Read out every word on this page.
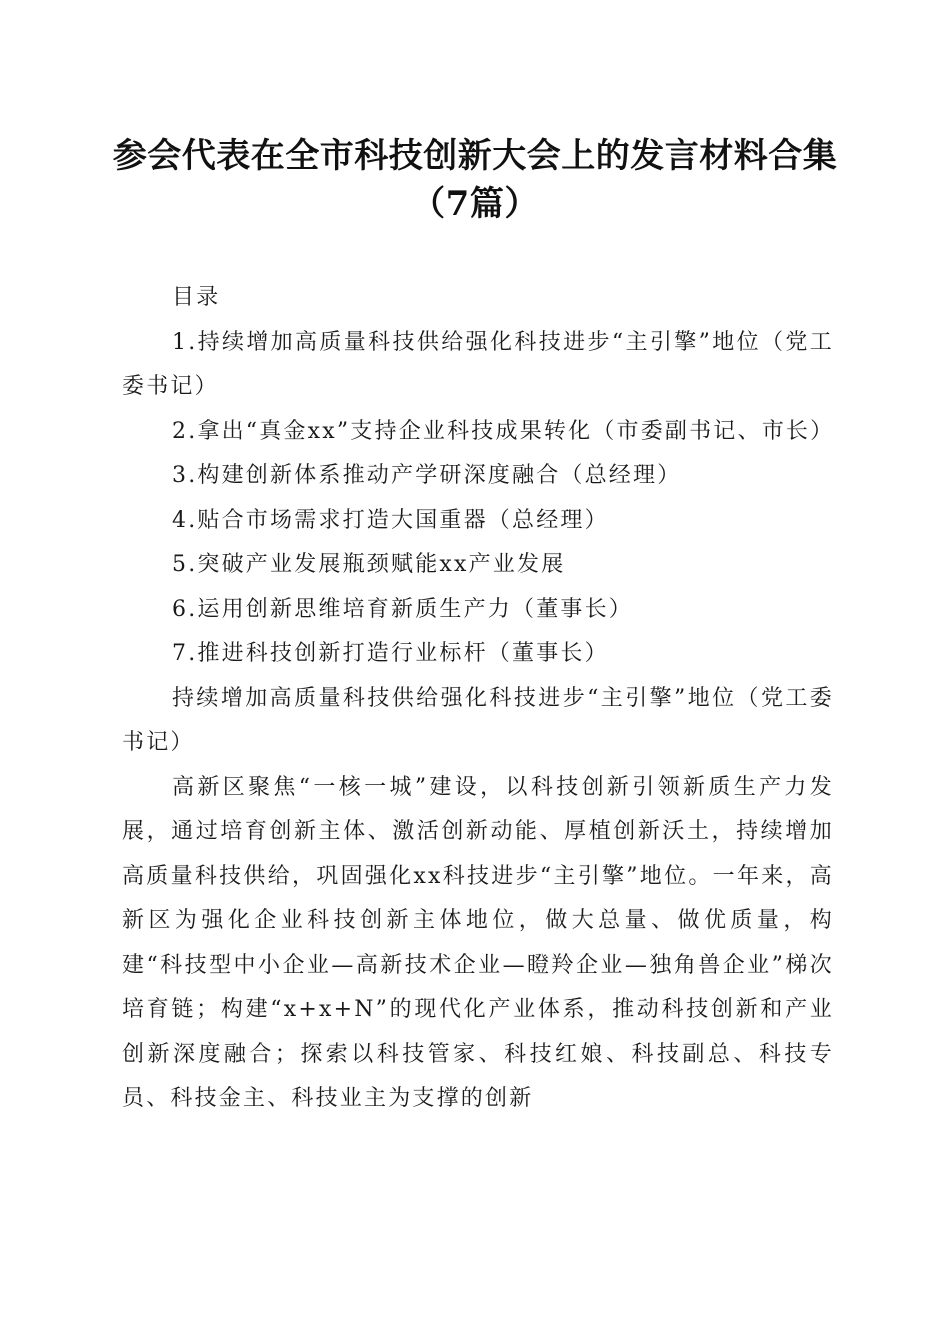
参会代表在全市科技创新大会上的发言材料合集（7篇）

目录

1.持续增加高质量科技供给强化科技进步“主引擎”地位（党工委书记）

2.拿出“真金xx”支持企业科技成果转化（市委副书记、市长）

3.构建创新体系推动产学研深度融合（总经理）

4.贴合市场需求打造大国重器（总经理）

5.突破产业发展瓶颈赋能xx产业发展

6.运用创新思维培育新质生产力（董事长）

7.推进科技创新打造行业标杆（董事长）

持续增加高质量科技供给强化科技进步“主引擎”地位（党工委书记）

高新区聚焦“一核一城”建设，以科技创新引领新质生产力发展，通过培育创新主体、激活创新动能、厚植创新沃土，持续增加高质量科技供给，巩固强化xx科技进步“主引擎”地位。一年来，高新区为强化企业科技创新主体地位，做大总量、做优质量，构建“科技型中小企业—高新技术企业—瞪羚企业—独角兽企业”梯次培育链；构建“x+x+N”的现代化产业体系，推动科技创新和产业创新深度融合；探索以科技管家、科技红娘、科技副总、科技专员、科技金主、科技业主为支撑的创新
